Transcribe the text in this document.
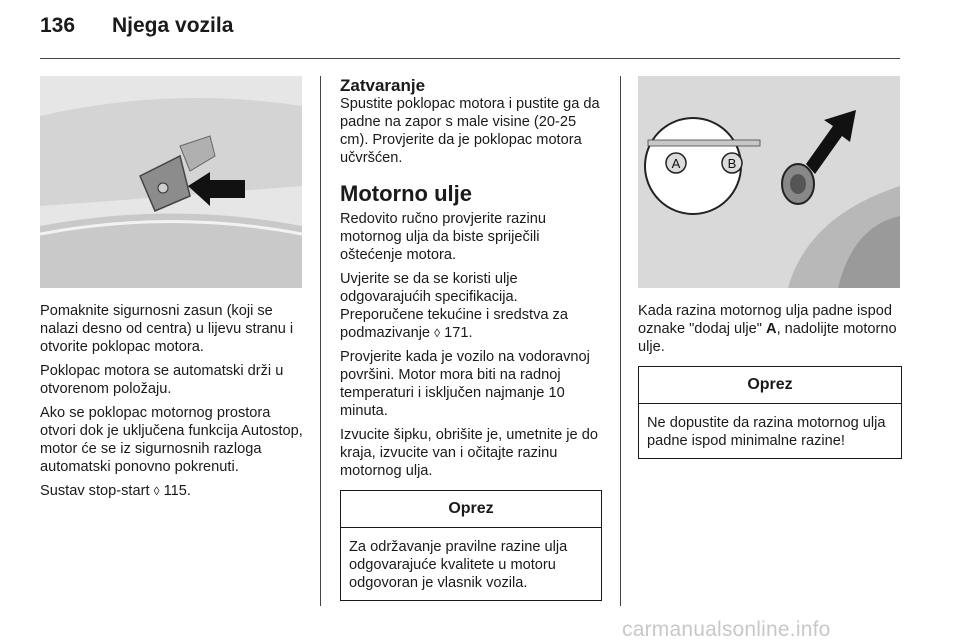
136 Njega vozila

Pomaknite sigurnosni zasun (koji se nalazi desno od centra) u lijevu stranu i otvorite poklopac motora.

Poklopac motora se automatski drži u otvorenom položaju.

Ako se poklopac motornog prostora otvori dok je uključena funkcija Autostop, motor će se iz sigurnosnih razloga automatski ponovno pokrenuti.

Sustav stop-start ◊ 115.

Zatvaranje

Spustite poklopac motora i pustite ga da padne na zapor s male visine (20-25 cm). Provjerite da je poklopac motora učvršćen.

Motorno ulje

Redovito ručno provjerite razinu motornog ulja da biste spriječili oštećenje motora.

Uvjerite se da se koristi ulje odgovarajućih specifikacija. Preporučene tekućine i sredstva za podmazivanje ◊ 171.

Provjerite kada je vozilo na vodoravnoj površini. Motor mora biti na radnoj temperaturi i isključen najmanje 10 minuta.

Izvucite šipku, obrišite je, umetnite je do kraja, izvucite van i očitajte razinu motornog ulja.

Oprez
Za održavanje pravilne razine ulja odgovarajuće kvalitete u motoru odgovoran je vlasnik vozila.
A	B

Kada razina motornog ulja padne ispod oznake "dodaj ulje" A, nadolijte motorno ulje.

Oprez
Ne dopustite da razina motornog ulja padne ispod minimalne razine!
carmanualsonline.info
